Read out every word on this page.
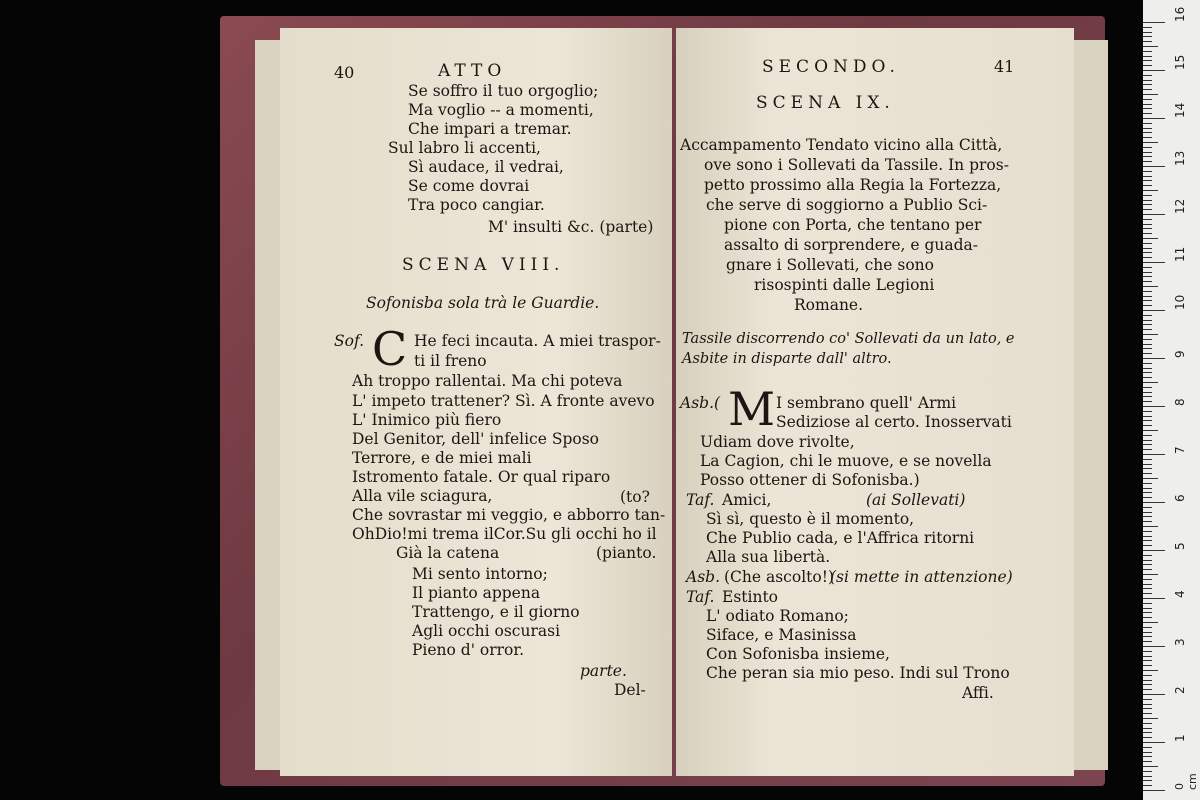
40	ATTO
Se soffro il tuo orgoglio;
Ma voglio -- a momenti,
Che impari a tremar.
Sul labro li accenti,
Sì audace, il vedrai,
Se come dovrai
Tra poco cangiar.
M' insulti &c. (parte)
SCENA VIII.
Sofonisba sola trà le Guardie.
Sof. C He feci incauta. A miei traspor-
ti il freno
Ah troppo rallentai. Ma chi poteva
L' impeto trattener? Sì. A fronte avevo
L' Inimico più fiero
Del Genitor, dell' infelice Sposo
Terrore, e de miei mali
Istromento fatale. Or qual riparo
Alla vile sciagura,
Che sovrastar mi veggio, e abborro tan-
OhDio!mi trema ilCor.Su gli occhi ho il
Già la catena
(to?
(pianto.
Mi sento intorno;
Il pianto appena
Trattengo, e il giorno
Agli occhi oscurasi
Pieno d' orror.
parte.
Del-
SECONDO.	41
SCENA IX.
Accampamento Tendato vicino alla Città,
ove sono i Sollevati da Tassile. In pros-
petto prossimo alla Regia la Fortezza,
che serve di soggiorno a Publio Sci-
pione con Porta, che tentano per
assalto di sorprendere, e guada-
gnare i Sollevati, che sono
risospinti dalle Legioni
Romane.
Tassile discorrendo co' Sollevati da un lato, e
Asbite in disparte dall' altro.
Asb.( M I sembrano quell' Armi
Sediziose al certo. Inosservati
Udiam dove rivolte,
La Cagion, chi le muove, e se novella
Posso ottener di Sofonisba.)
Taf. Amici,	(ai Sollevati)
Sì sì, questo è il momento,
Che Publio cada, e l'Affrica ritorni
Alla sua libertà.
Asb. (Che ascolto!)
(si mette in attenzione)
Taf. Estinto
L' odiato Romano;
Siface, e Masinissa
Con Sofonisba insieme,
Che peran sia mio peso. Indi sul Trono
Affi.
0 cm
1
2
3
4
5
6
7
8
9
10
11
12
13
14
15
16
